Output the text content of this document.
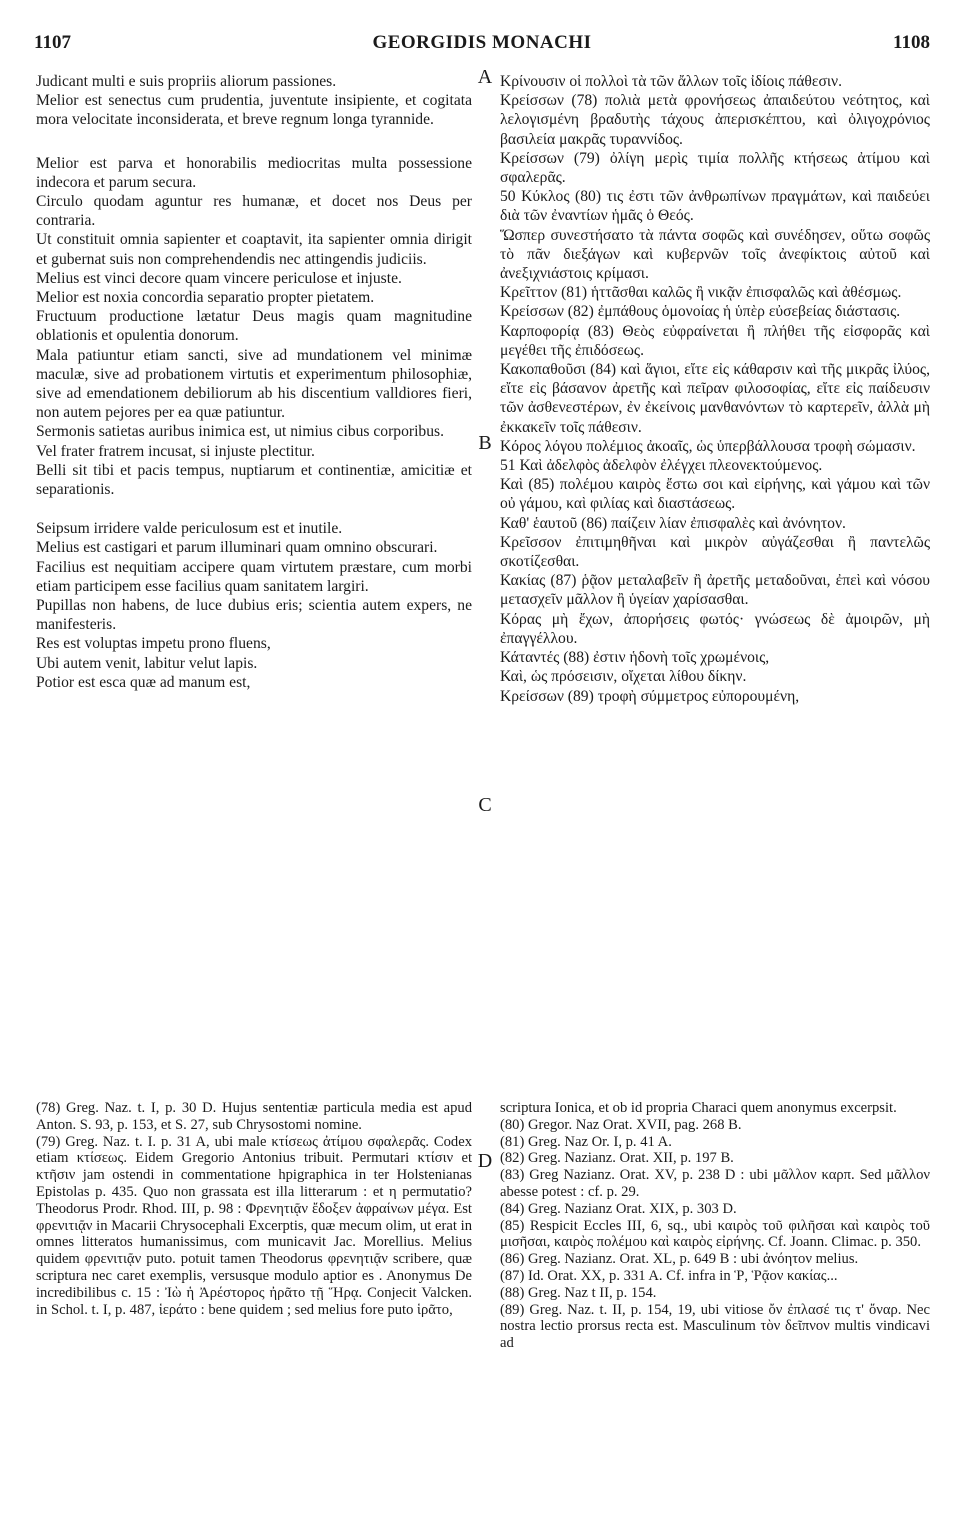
1107	GEORGIDIS MONACHI	1108
A
B
C
D

Judicant multi e suis propriis aliorum passiones.

Melior est senectus cum prudentia, juventute insipiente, et cogitata mora velocitate inconsiderata, et breve regnum longa tyrannide.

Melior est parva et honorabilis mediocritas multa possessione indecora et parum secura.

Circulo quodam aguntur res humanæ, et docet nos Deus per contraria.

Ut constituit omnia sapienter et coaptavit, ita sapienter omnia dirigit et gubernat suis non comprehendendis nec attingendis judiciis.

Melius est vinci decore quam vincere periculose et injuste.

Melior est noxia concordia separatio propter pietatem.

Fructuum productione lætatur Deus magis quam magnitudine oblationis et opulentia donorum.

Mala patiuntur etiam sancti, sive ad mundationem vel minimæ maculæ, sive ad probationem virtutis et experimentum philosophiæ, sive ad emendationem debiliorum ab his discentium valldiores fieri, non autem pejores per ea quæ patiuntur.

Sermonis satietas auribus inimica est, ut nimius cibus corporibus.

Vel frater fratrem incusat, si injuste plectitur.

Belli sit tibi et pacis tempus, nuptiarum et continentiæ, amicitiæ et separationis.

Seipsum irridere valde periculosum est et inutile.

Melius est castigari et parum illuminari quam omnino obscurari.

Facilius est nequitiam accipere quam virtutem præstare, cum morbi etiam participem esse facilius quam sanitatem largiri.

Pupillas non habens, de luce dubius eris; scientia autem expers, ne manifesteris.

Res est voluptas impetu prono fluens,

Ubi autem venit, labitur velut lapis.

Potior est esca quæ ad manum est,

Κρίνουσιν οἱ πολλοὶ τὰ τῶν ἄλλων τοῖς ἰδίοις πάθεσιν.

Κρείσσων (78) πολιὰ μετὰ φρονήσεως ἀπαιδεύτου νεότητος, καὶ λελογισμένη βραδυτὴς τάχους ἀπερισκέπτου, καὶ ὀλιγοχρόνιος βασιλεία μακρᾶς τυραννίδος.

Κρείσσων (79) ὀλίγη μερὶς τιμία πολλῆς κτήσεως ἀτίμου καὶ σφαλερᾶς.

50 Κύκλος (80) τις ἐστι τῶν ἀνθρωπίνων πραγμάτων, καὶ παιδεύει διὰ τῶν ἐναντίων ἡμᾶς ὁ Θεός.

Ὥσπερ συνεστήσατο τὰ πάντα σοφῶς καὶ συνέδησεν, οὕτω σοφῶς τὸ πᾶν διεξάγων καὶ κυβερνῶν τοῖς ἀνεφίκτοις αὐτοῦ καὶ ἀνεξιχνιάστοις κρίμασι.

Κρεῖττον (81) ἡττᾶσθαι καλῶς ἢ νικᾷν ἐπισφαλῶς καὶ ἀθέσμως.

Κρείσσων (82) ἐμπάθους ὁμονοίας ἡ ὑπὲρ εὐσεβείας διάστασις.

Καρποφορίᾳ (83) Θεὸς εὐφραίνεται ἢ πλήθει τῆς εἰσφορᾶς καὶ μεγέθει τῆς ἐπιδόσεως.

Κακοπαθοῦσι (84) καὶ ἅγιοι, εἴτε εἰς κάθαρσιν καὶ τῆς μικρᾶς ἰλύος, εἴτε εἰς βάσανον ἀρετῆς καὶ πεῖραν φιλοσοφίας, εἴτε εἰς παίδευσιν τῶν ἀσθενεστέρων, ἐν ἐκείνοις μανθανόντων τὸ καρτερεῖν, ἀλλὰ μὴ ἐκκακεῖν τοῖς πάθεσιν.

Κόρος λόγου πολέμιος ἀκοαῖς, ὡς ὑπερβάλλουσα τροφὴ σώμασιν.

51 Καὶ ἀδελφὸς ἀδελφὸν ἐλέγχει πλεονεκτούμενος.

Καὶ (85) πολέμου καιρὸς ἔστω σοι καὶ εἰρήνης, καὶ γάμου καὶ τῶν οὐ γάμου, καὶ φιλίας καὶ διαστάσεως.

Καθ' ἑαυτοῦ (86) παίζειν λίαν ἐπισφαλὲς καὶ ἀνόνητον.

Κρεῖσσον ἐπιτιμηθῆναι καὶ μικρὸν αὐγάζεσθαι ἢ παντελῶς σκοτίζεσθαι.

Κακίας (87) ῥᾷον μεταλαβεῖν ἢ ἀρετῆς μεταδοῦναι, ἐπεὶ καὶ νόσου μετασχεῖν μᾶλλον ἢ ὑγείαν χαρίσασθαι.

Κόρας μὴ ἔχων, ἀπορήσεις φωτός· γνώσεως δὲ ἀμοιρῶν, μὴ ἐπαγγέλλου.

Κάταντές (88) ἐστιν ἡδονὴ τοῖς χρωμένοις,

Καὶ, ὡς πρόσεισιν, οἴχεται λίθου δίκην.

Κρείσσων (89) τροφὴ σύμμετρος εὐπορουμένη,

(78) Greg. Naz. t. I, p. 30 D. Hujus sententiæ particula media est apud Anton. S. 93, p. 153, et S. 27, sub Chrysostomi nomine.

(79) Greg. Naz. t. I. p. 31 A, ubi male κτίσεως ἀτίμου σφαλερᾶς. Codex etiam κτίσεως. Eidem Gregorio Antonius tribuit. Permutari κτίσιν et κτῆσιν jam ostendi in commentatione hpigraphica in ter Holstenianas Epistolas p. 435. Quo non grassata est illa litterarum : et η permutatio? Theodorus Prodr. Rhod. III, p. 98 : Φρενητιᾷν ἔδοξεν ἀφραίνων μέγα. Est φρενιτιᾷν in Macarii Chrysocephali Excerptis, quæ mecum olim, ut erat in omnes litteratos humanissimus, com municavit Jac. Morellius. Melius quidem φρενιτιᾷν puto. potuit tamen Theodorus φρενητιᾷν scribere, quæ scriptura nec caret exemplis, versusque modulo aptior es . Anonymus De incredibilibus c. 15 : Ἰὼ ἡ Ἀρέστορος ἠρᾶτο τῇ Ἥρᾳ. Conjecit Valcken. in Schol. t. I, p. 487, ἱεράτο : bene quidem ; sed melius fore puto ἱρᾶτο,

scriptura Ionica, et ob id propria Characi quem anonymus excerpsit.

(80) Gregor. Naz Orat. XVII, pag. 268 B.

(81) Greg. Naz Or. I, p. 41 A.

(82) Greg. Nazianz. Orat. XII, p. 197 B.

(83) Greg Nazianz. Orat. XV, p. 238 D : ubi μᾶλλον καρπ. Sed μᾶλλον abesse potest : cf. p. 29.

(84) Greg. Nazianz Orat. XIX, p. 303 D.

(85) Respicit Eccles III, 6, sq., ubi καιρὸς τοῦ φιλῆσαι καὶ καιρὸς τοῦ μισῆσαι, καιρὸς πολέμου καὶ καιρὸς εἰρήνης. Cf. Joann. Climac. p. 350.

(86) Greg. Nazianz. Orat. XL, p. 649 B : ubi ἀνόητον melius.

(87) Id. Orat. XX, p. 331 A. Cf. infra in Ῥ, Ῥᾷον κακίας...

(88) Greg. Naz t II, p. 154.

(89) Greg. Naz. t. II, p. 154, 19, ubi vitiose ὄν ἐπλασέ τις τ' ὄναρ. Nec nostra lectio prorsus recta est. Masculinum τὸν δεῖπνον multis vindicavi ad
